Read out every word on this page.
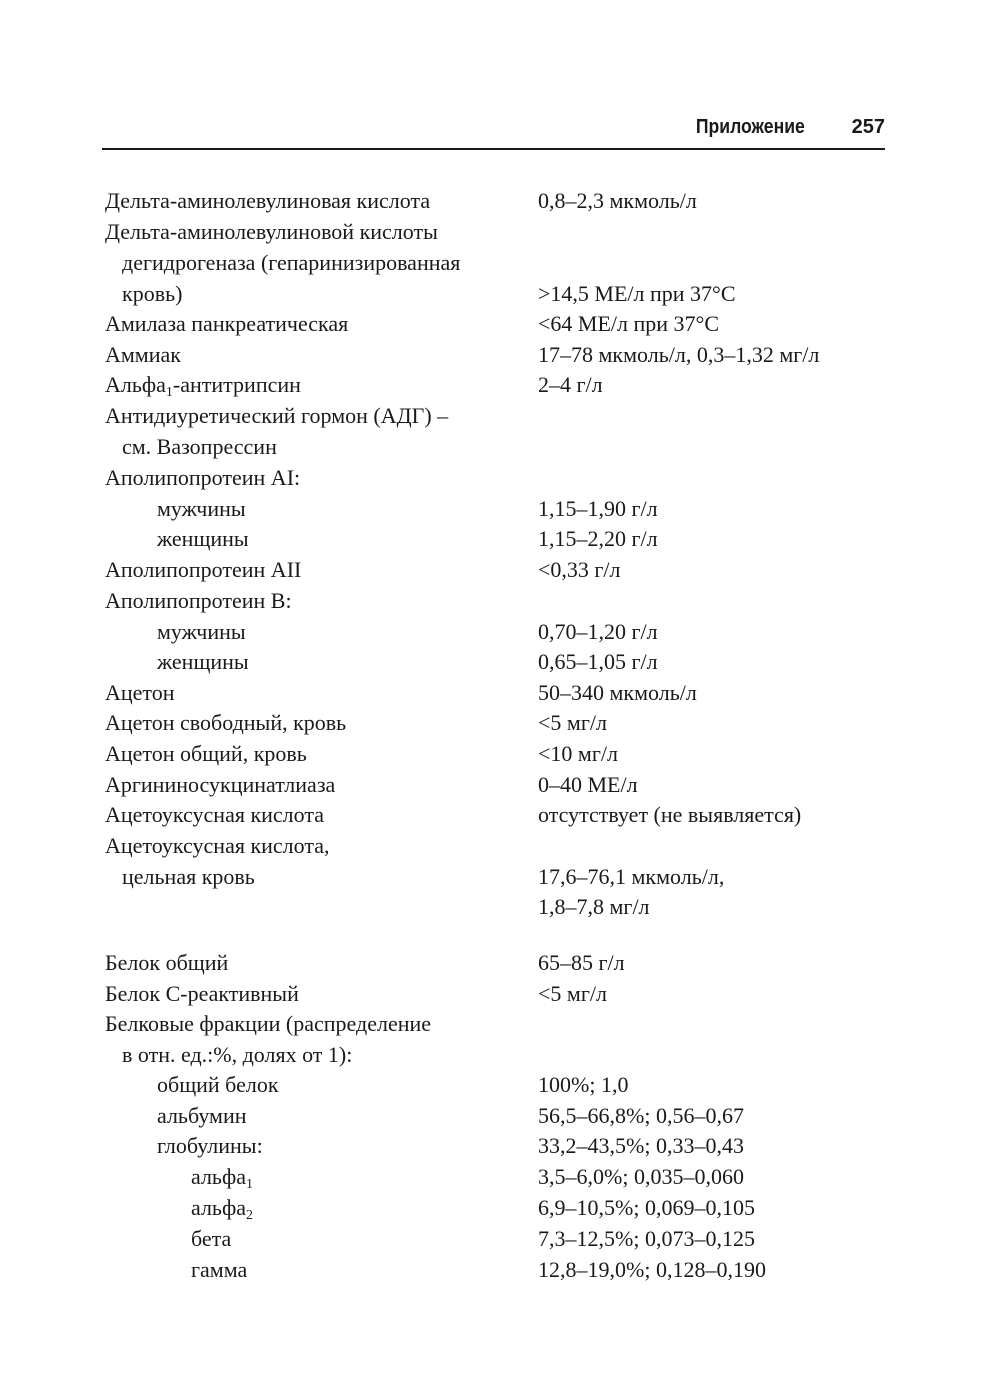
Приложение 257
Дельта-аминолевулиновая кислота	0,8–2,3 мкмоль/л
Дельта-аминолевулиновой кислоты
дегидрогеназа (гепаринизированная
кровь)	>14,5 МЕ/л при 37°С
Амилаза панкреатическая	<64 МЕ/л при 37°С
Аммиак	17–78 мкмоль/л, 0,3–1,32 мг/л
Альфа$_1$-антитрипсин	2–4 г/л
Антидиуретический гормон (АДГ) –
см. Вазопрессин
Аполипопротеин AI:
мужчины	1,15–1,90 г/л
женщины	1,15–2,20 г/л
Аполипопротеин AII	<0,33 г/л
Аполипопротеин В:
мужчины	0,70–1,20 г/л
женщины	0,65–1,05 г/л
Ацетон	50–340 мкмоль/л
Ацетон свободный, кровь	<5 мг/л
Ацетон общий, кровь	<10 мг/л
Аргининосукцинатлиаза	0–40 МЕ/л
Ацетоуксусная кислота	отсутствует (не выявляется)
Ацетоуксусная кислота,
цельная кровь	17,6–76,1 мкмоль/л,
1,8–7,8 мг/л
Белок общий	65–85 г/л
Белок С-реактивный	<5 мг/л
Белковые фракции (распределение
в отн. ед.:%, долях от 1):
общий белок	100%; 1,0
альбумин	56,5–66,8%; 0,56–0,67
глобулины:	33,2–43,5%; 0,33–0,43
альфа$_1$	3,5–6,0%; 0,035–0,060
альфа$_2$	6,9–10,5%; 0,069–0,105
бета	7,3–12,5%; 0,073–0,125
гамма	12,8–19,0%; 0,128–0,190
